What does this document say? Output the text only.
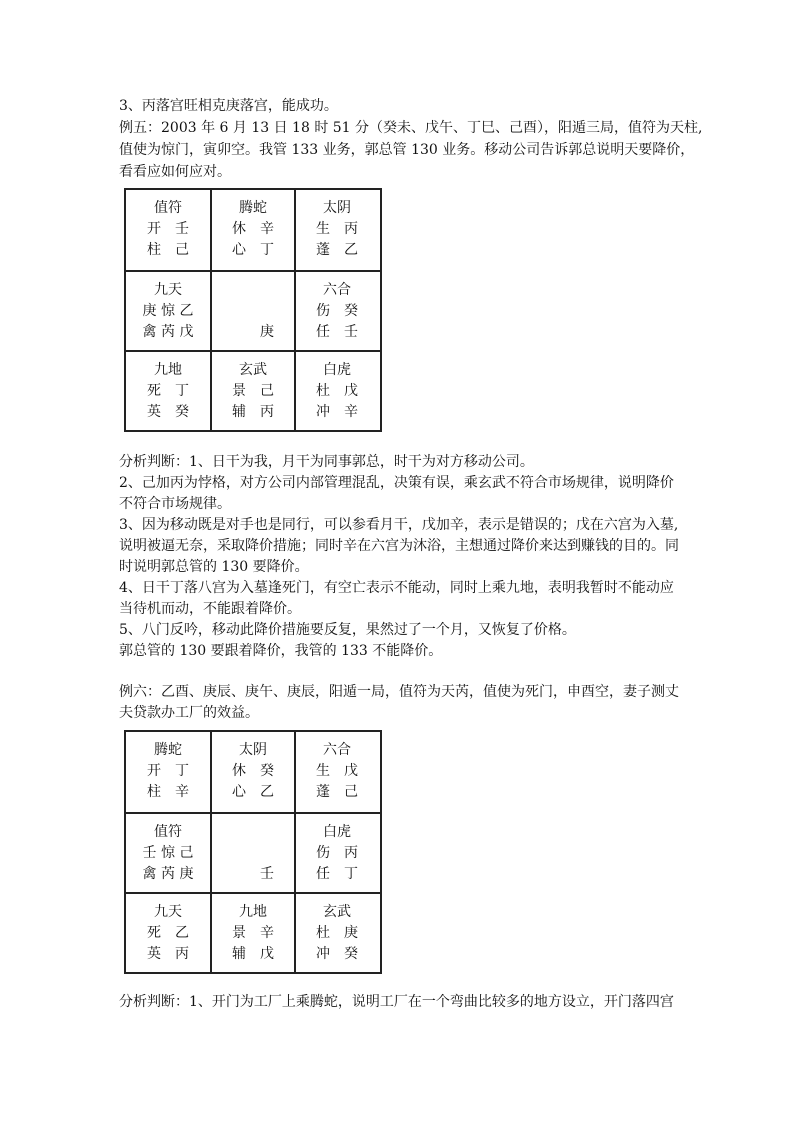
3、丙落宫旺相克庚落宫，能成功。
例五：2003 年 6 月 13 日 18 时 51 分（癸未、戊午、丁巳、己酉），阳遁三局，值符为天柱,
值使为惊门，寅卯空。我管 133 业务，郭总管 130 业务。移动公司告诉郭总说明天要降价，
看看应如何应对。
值符
开　壬
柱　己
腾蛇
休　辛
心　丁
太阴
生　丙
蓬　乙
九天
庚 惊 乙
禽 芮 戊	　　庚
六合
伤　癸
任　壬
九地
死　丁
英　癸
玄武
景　己
辅　丙
白虎
杜　戊
冲　辛
分析判断：1、日干为我，月干为同事郭总，时干为对方移动公司。
2、己加丙为悖格，对方公司内部管理混乱，决策有误，乘玄武不符合市场规律，说明降价
不符合市场规律。
3、因为移动既是对手也是同行，可以参看月干，戊加辛，表示是错误的；戊在六宫为入墓,
说明被逼无奈，采取降价措施；同时辛在六宫为沐浴，主想通过降价来达到赚钱的目的。同
时说明郭总管的 130 要降价。
4、日干丁落八宫为入墓逢死门，有空亡表示不能动，同时上乘九地，表明我暂时不能动应
当待机而动，不能跟着降价。
5、八门反吟，移动此降价措施要反复，果然过了一个月，又恢复了价格。
郭总管的 130 要跟着降价，我管的 133 不能降价。
例六：乙酉、庚辰、庚午、庚辰，阳遁一局，值符为天芮，值使为死门，申酉空，妻子测丈
夫贷款办工厂的效益。
腾蛇
开　丁
柱　辛
太阴
休　癸
心　乙
六合
生　戊
蓬　己
值符
壬 惊 己
禽 芮 庚	　　壬
白虎
伤　丙
任　丁
九天
死　乙
英　丙
九地
景　辛
辅　戊
玄武
杜　庚
冲　癸
分析判断：1、开门为工厂上乘腾蛇，说明工厂在一个弯曲比较多的地方设立，开门落四宫
